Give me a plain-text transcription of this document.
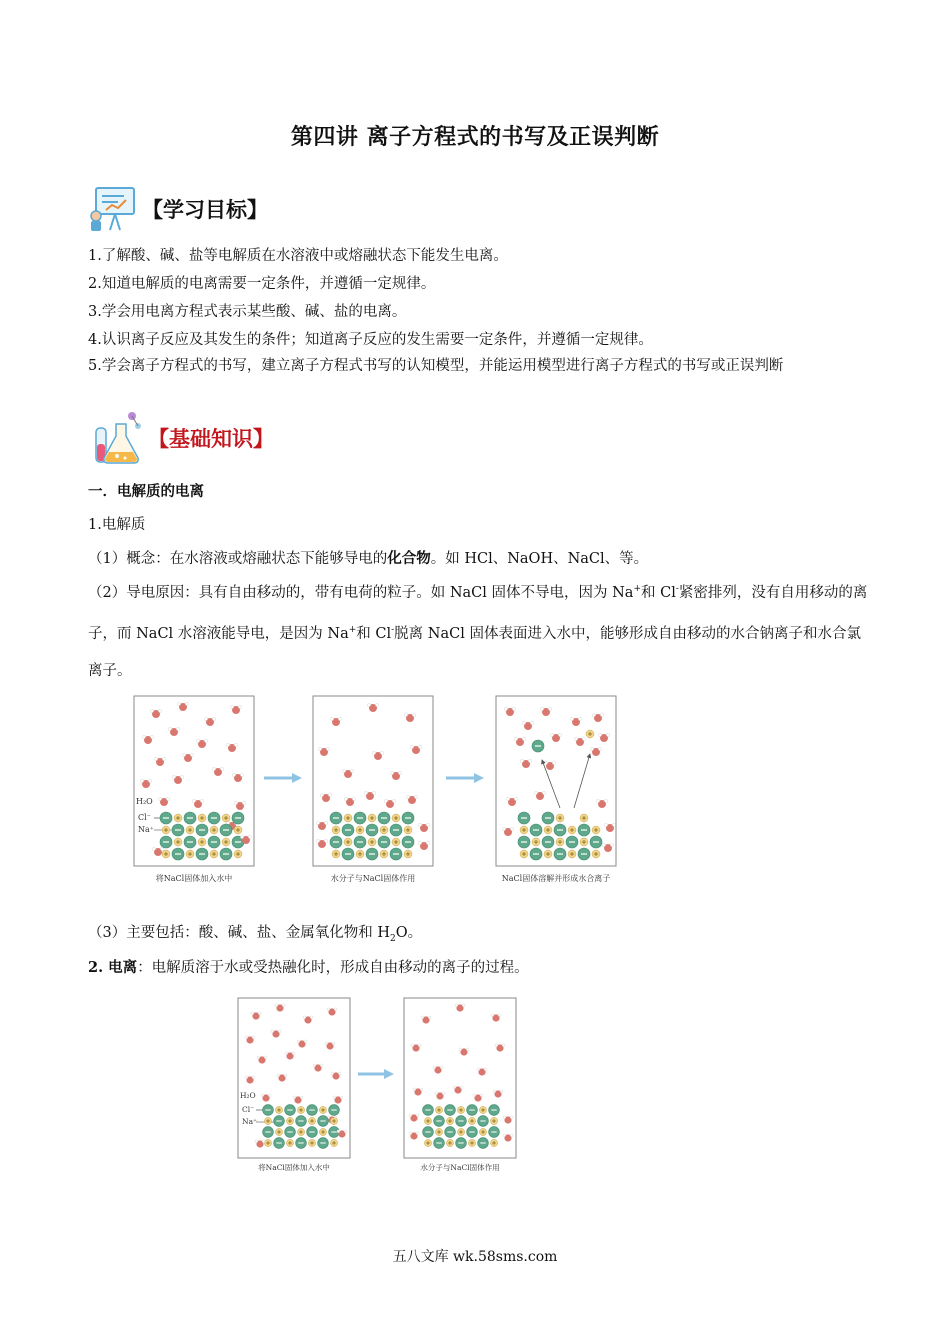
第四讲 离子方程式的书写及正误判断
【学习目标】
1.了解酸、碱、盐等电解质在水溶液中或熔融状态下能发生电离。
2.知道电解质的电离需要一定条件，并遵循一定规律。
3.学会用电离方程式表示某些酸、碱、盐的电离。
4.认识离子反应及其发生的条件；知道离子反应的发生需要一定条件，并遵循一定规律。
5.学会离子方程式的书写，建立离子方程式书写的认知模型，并能运用模型进行离子方程式的书写或正误判断
【基础知识】
一．电解质的电离
1.电解质
（1）概念：在水溶液或熔融状态下能够导电的化合物。如 HCl、NaOH、NaCl、等。
（2）导电原因：具有自由移动的，带有电荷的粒子。如 NaCl 固体不导电，因为 Na+和 Cl-紧密排列，没有自用移动的离子，而 NaCl 水溶液能导电，是因为 Na+和 Cl-脱离 NaCl 固体表面进入水中，能够形成自由移动的水合钠离子和水合氯离子。
H₂O
Cl⁻
Na⁺
将NaCl固体加入水中	水分子与NaCl固体作用	NaCl固体溶解并形成水合离子
（3）主要包括：酸、碱、盐、金属氧化物和 $H_2O$。
2. 电离：电解质溶于水或受热融化时，形成自由移动的离子的过程。
H₂O
Cl⁻
Na⁺
将NaCl固体加入水中	水分子与NaCl固体作用
五八文库 wk.58sms.com
